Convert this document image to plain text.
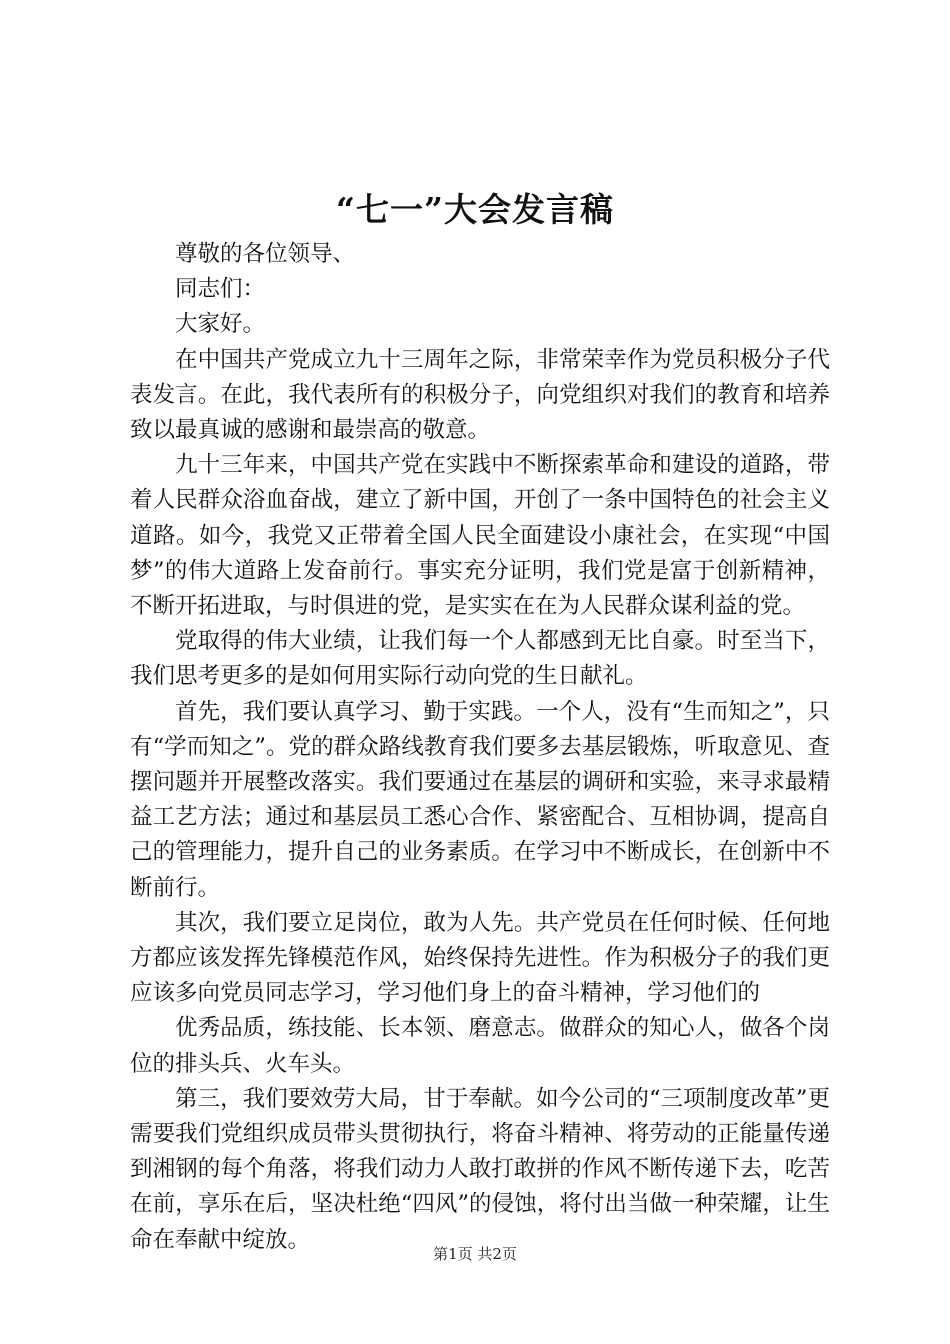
“七一”大会发言稿

尊敬的各位领导、

同志们：

大家好。

在中国共产党成立九十三周年之际，非常荣幸作为党员积极分子代表发言。在此，我代表所有的积极分子，向党组织对我们的教育和培养致以最真诚的感谢和最崇高的敬意。

九十三年来，中国共产党在实践中不断探索革命和建设的道路，带着人民群众浴血奋战，建立了新中国，开创了一条中国特色的社会主义道路。如今，我党又正带着全国人民全面建设小康社会，在实现“中国梦”的伟大道路上发奋前行。事实充分证明，我们党是富于创新精神，不断开拓进取，与时俱进的党，是实实在在为人民群众谋利益的党。

党取得的伟大业绩，让我们每一个人都感到无比自豪。时至当下，我们思考更多的是如何用实际行动向党的生日献礼。

首先，我们要认真学习、勤于实践。一个人，没有“生而知之”，只有“学而知之”。党的群众路线教育我们要多去基层锻炼，听取意见、查摆问题并开展整改落实。我们要通过在基层的调研和实验，来寻求最精益工艺方法；通过和基层员工悉心合作、紧密配合、互相协调，提高自己的管理能力，提升自己的业务素质。在学习中不断成长，在创新中不断前行。

其次，我们要立足岗位，敢为人先。共产党员在任何时候、任何地方都应该发挥先锋模范作风，始终保持先进性。作为积极分子的我们更应该多向党员同志学习，学习他们身上的奋斗精神，学习他们的

优秀品质，练技能、长本领、磨意志。做群众的知心人，做各个岗位的排头兵、火车头。

第三，我们要效劳大局，甘于奉献。如今公司的“三项制度改革”更需要我们党组织成员带头贯彻执行，将奋斗精神、将劳动的正能量传递到湘钢的每个角落，将我们动力人敢打敢拼的作风不断传递下去，吃苦在前，享乐在后，坚决杜绝“四风”的侵蚀，将付出当做一种荣耀，让生命在奉献中绽放。

第1页 共2页
